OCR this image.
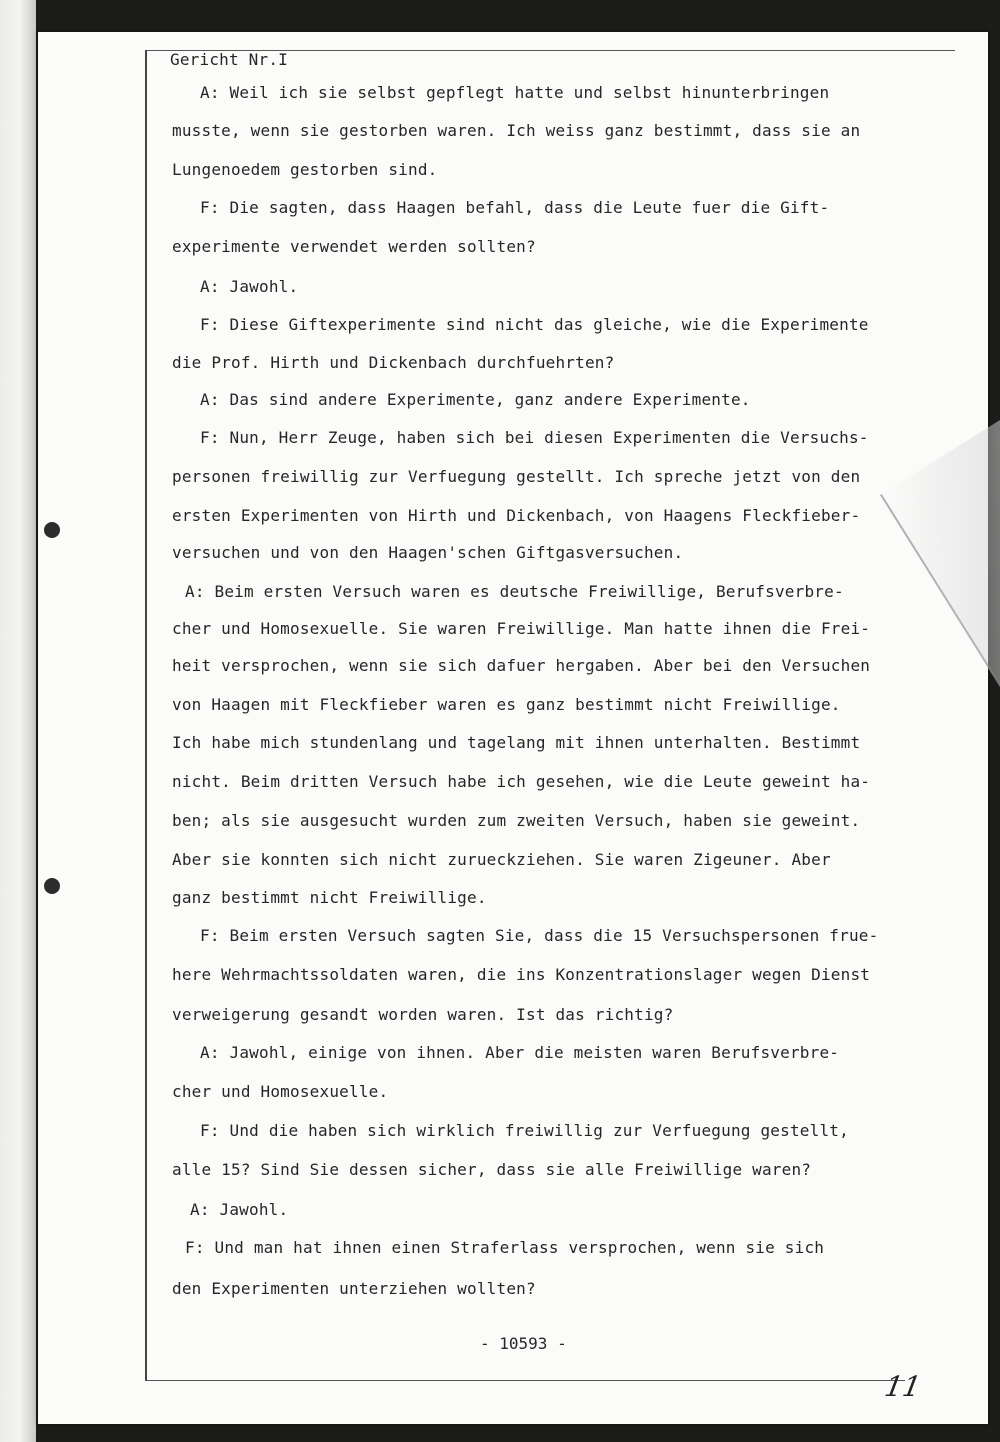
Gericht Nr.I

A: Weil ich sie selbst gepflegt hatte und selbst hinunterbringen

musste, wenn sie gestorben waren. Ich weiss ganz bestimmt, dass sie an

Lungenoedem gestorben sind.

F: Die sagten, dass Haagen befahl, dass die Leute fuer die Gift-

experimente verwendet werden sollten?

A: Jawohl.

F: Diese Giftexperimente sind nicht das gleiche, wie die Experimente

die Prof. Hirth und Dickenbach durchfuehrten?

A: Das sind andere Experimente, ganz andere Experimente.

F: Nun, Herr Zeuge, haben sich bei diesen Experimenten die Versuchs-

personen freiwillig zur Verfuegung gestellt. Ich spreche jetzt von den

ersten Experimenten von Hirth und Dickenbach, von Haagens Fleckfieber-

versuchen und von den Haagen'schen Giftgasversuchen.

A: Beim ersten Versuch waren es deutsche Freiwillige, Berufsverbre-

cher und Homosexuelle. Sie waren Freiwillige. Man hatte ihnen die Frei-

heit versprochen, wenn sie sich dafuer hergaben. Aber bei den Versuchen

von Haagen mit Fleckfieber waren es ganz bestimmt nicht Freiwillige.

Ich habe mich stundenlang und tagelang mit ihnen unterhalten. Bestimmt

nicht. Beim dritten Versuch habe ich gesehen, wie die Leute geweint ha-

ben; als sie ausgesucht wurden zum zweiten Versuch, haben sie geweint.

Aber sie konnten sich nicht zurueckziehen. Sie waren Zigeuner. Aber

ganz bestimmt nicht Freiwillige.

F: Beim ersten Versuch sagten Sie, dass die 15 Versuchspersonen frue-

here Wehrmachtssoldaten waren, die ins Konzentrationslager wegen Dienst

verweigerung gesandt worden waren. Ist das richtig?

A: Jawohl, einige von ihnen. Aber die meisten waren Berufsverbre-

cher und Homosexuelle.

F: Und die haben sich wirklich freiwillig zur Verfuegung gestellt,

alle 15? Sind Sie dessen sicher, dass sie alle Freiwillige waren?

A: Jawohl.

F: Und man hat ihnen einen Straferlass versprochen, wenn sie sich

den Experimenten unterziehen wollten?

- 10593 -

11
